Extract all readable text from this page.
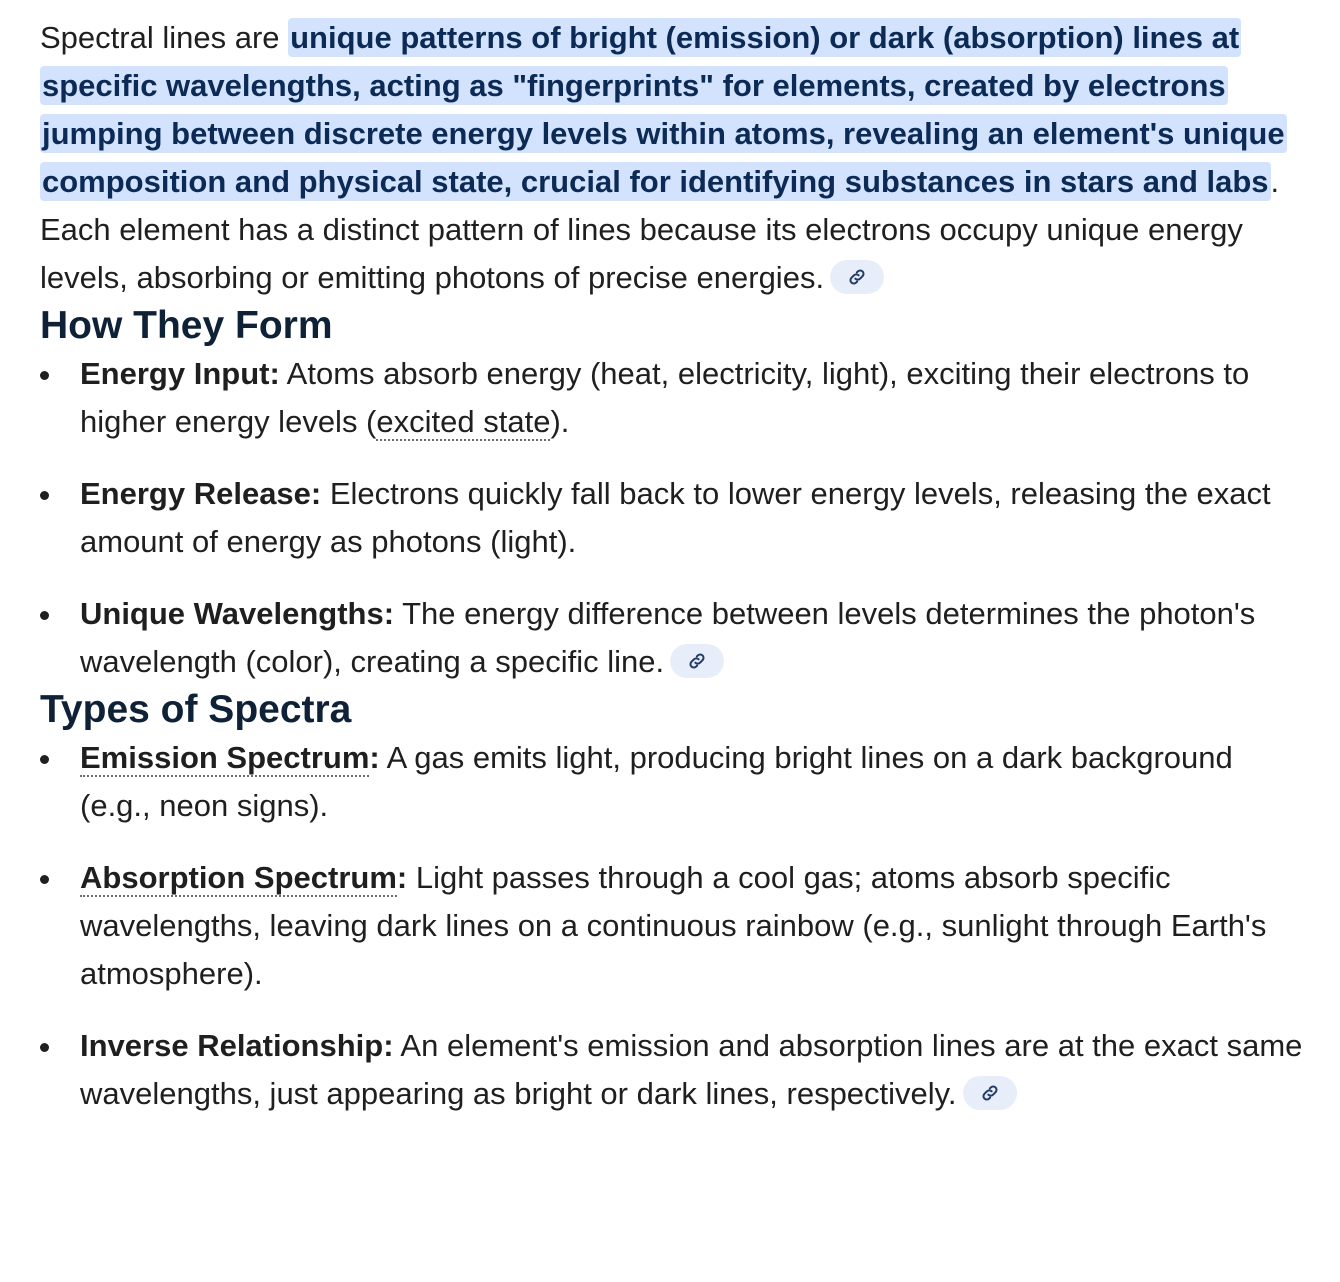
Spectral lines are unique patterns of bright (emission) or dark (absorption) lines at specific wavelengths, acting as "fingerprints" for elements, created by electrons jumping between discrete energy levels within atoms, revealing an element's unique composition and physical state, crucial for identifying substances in stars and labs. Each element has a distinct pattern of lines because its electrons occupy unique energy levels, absorbing or emitting photons of precise energies.

How They Form
Energy Input: Atoms absorb energy (heat, electricity, light), exciting their electrons to higher energy levels (excited state).
Energy Release: Electrons quickly fall back to lower energy levels, releasing the exact amount of energy as photons (light).
Unique Wavelengths: The energy difference between levels determines the photon's wavelength (color), creating a specific line.
Types of Spectra
Emission Spectrum: A gas emits light, producing bright lines on a dark background (e.g., neon signs).
Absorption Spectrum: Light passes through a cool gas; atoms absorb specific wavelengths, leaving dark lines on a continuous rainbow (e.g., sunlight through Earth's atmosphere).
Inverse Relationship: An element's emission and absorption lines are at the exact same wavelengths, just appearing as bright or dark lines, respectively.
